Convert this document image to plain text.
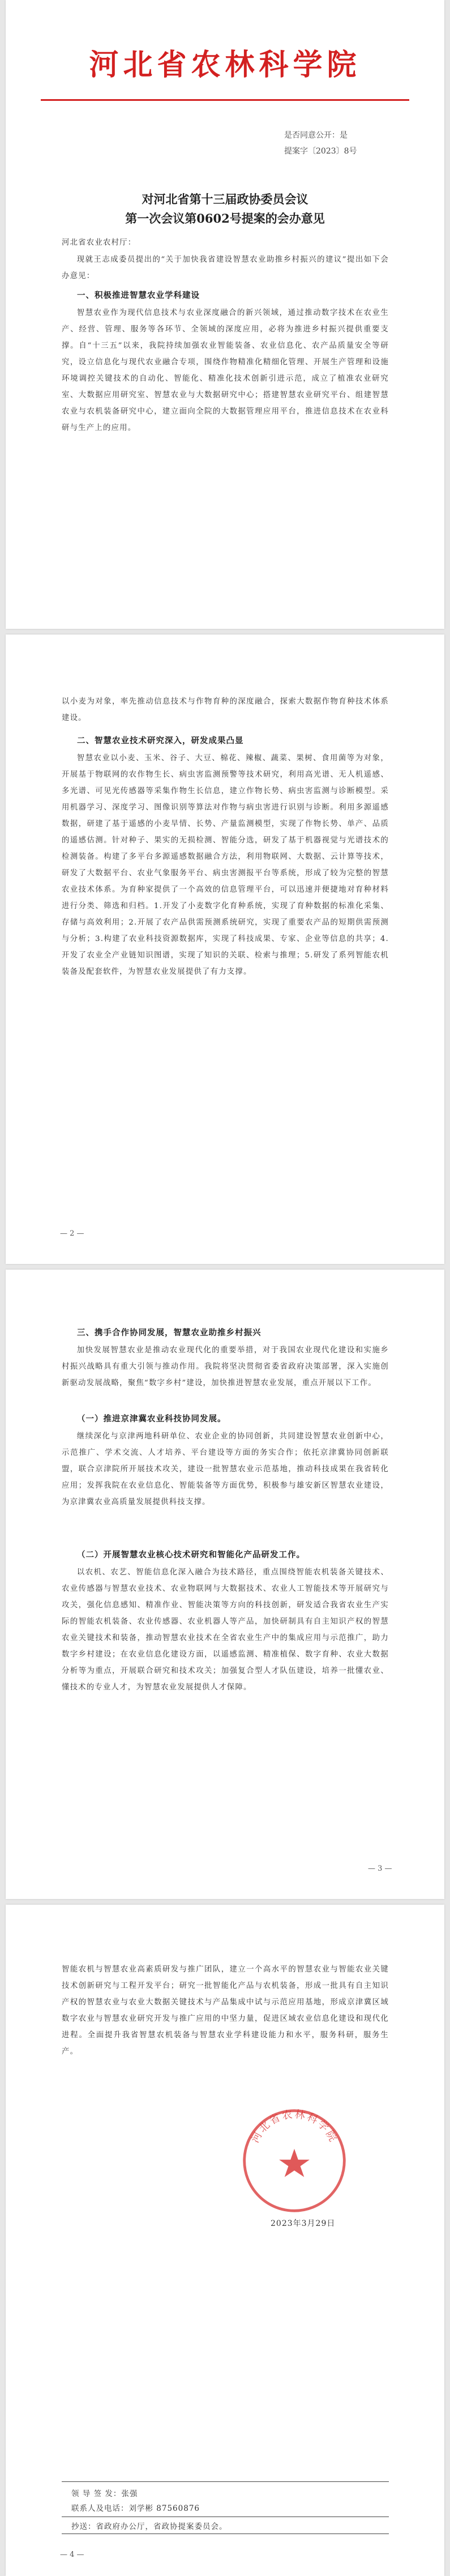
河北省农林科学院
是否同意公开：是
提案字〔2023〕8号
对河北省第十三届政协委员会议
第一次会议第0602号提案的会办意见
河北省农业农村厅：
现就王志成委员提出的“关于加快我省建设智慧农业助推乡村振兴的建议”提出如下会办意见：
一、积极推进智慧农业学科建设
智慧农业作为现代信息技术与农业深度融合的新兴领域，通过推动数字技术在农业生产、经营、管理、服务等各环节、全领域的深度应用，必将为推进乡村振兴提供重要支撑。自“十三五”以来，我院持续加强农业智能装备、农业信息化、农产品质量安全等研究，设立信息化与现代农业融合专项，围绕作物精准化精细化管理、开展生产管理和设施环境调控关键技术的自动化、智能化、精准化技术创新引进示范，成立了植准农业研究室、大数据应用研究室、智慧农业与大数据研究中心；搭建智慧农业研究平台、组建智慧农业与农机装备研究中心，建立面向全院的大数据管理应用平台，推进信息技术在农业科研与生产上的应用。
以小麦为对象，率先推动信息技术与作物育种的深度融合，探索大数据作物育种技术体系建设。
二、智慧农业技术研究深入，研发成果凸显
智慧农业以小麦、玉米、谷子、大豆、棉花、辣椒、蔬菜、果树、食用菌等为对象，开展基于物联网的农作物生长、病虫害监测预警等技术研究，利用高光谱、无人机遥感、多光谱、可见光传感器等采集作物生长信息，建立作物长势、病虫害监测与诊断模型。采用机器学习、深度学习、图像识别等算法对作物与病虫害进行识别与诊断。利用多源遥感数据，研建了基于遥感的小麦旱情、长势、产量监测模型，实现了作物长势、单产、品质的遥感估测。针对种子、果实的无损检测、智能分选，研发了基于机器视觉与光谱技术的检测装备。构建了多平台多源遥感数据融合方法，利用物联网、大数据、云计算等技术，研发了大数据平台、农业气象服务平台、病虫害测报平台等系统，形成了较为完整的智慧农业技术体系。为育种家提供了一个高效的信息管理平台，可以迅速并便捷地对育种材料进行分类、筛选和归档。1.开发了小麦数字化育种系统，实现了育种数据的标准化采集、存储与高效利用；2.开展了农产品供需预测系统研究，实现了重要农产品的短期供需预测与分析；3.构建了农业科技资源数据库，实现了科技成果、专家、企业等信息的共享；4.开发了农业全产业链知识图谱，实现了知识的关联、检索与推理；5.研发了系列智能农机装备及配套软件，为智慧农业发展提供了有力支撑。
— 2 —
三、携手合作协同发展，智慧农业助推乡村振兴
加快发展智慧农业是推动农业现代化的重要举措，对于我国农业现代化建设和实施乡村振兴战略具有重大引领与推动作用。我院将坚决贯彻省委省政府决策部署，深入实施创新驱动发展战略，聚焦“数字乡村”建设，加快推进智慧农业发展，重点开展以下工作。
（一）推进京津冀农业科技协同发展。
继续深化与京津两地科研单位、农业企业的协同创新，共同建设智慧农业创新中心，示范推广、学术交流、人才培养、平台建设等方面的务实合作；依托京津冀协同创新联盟，联合京津院所开展技术攻关，建设一批智慧农业示范基地，推动科技成果在我省转化应用；发挥我院在农业信息化、智能装备等方面优势，积极参与雄安新区智慧农业建设，为京津冀农业高质量发展提供科技支撑。
（二）开展智慧农业核心技术研究和智能化产品研发工作。
以农机、农艺、智能信息化深入融合为技术路径，重点围绕智能农机装备关键技术、农业传感器与智慧农业技术、农业物联网与大数据技术、农业人工智能技术等开展研究与攻关，强化信息感知、精准作业、智能决策等方向的科技创新，研发适合我省农业生产实际的智能农机装备、农业传感器、农业机器人等产品，加快研制具有自主知识产权的智慧农业关键技术和装备，推动智慧农业技术在全省农业生产中的集成应用与示范推广，助力数字乡村建设；在农业信息化建设方面，以遥感监测、精准植保、数字育种、农业大数据分析等为重点，开展联合研究和技术攻关；加强复合型人才队伍建设，培养一批懂农业、懂技术的专业人才，为智慧农业发展提供人才保障。
— 3 —
智能农机与智慧农业高素质研发与推广团队，建立一个高水平的智慧农业与智能农业关键技术创新研究与工程开发平台；研究一批智能化产品与农机装备，形成一批具有自主知识产权的智慧农业与农业大数据关键技术与产品集成中试与示范应用基地，形成京津冀区域数字农业与智慧农业研究开发与推广应用的中坚力量，促进区域农业信息化建设和现代化进程。全面提升我省智慧农机装备与智慧农业学科建设能力和水平，服务科研，服务生产。
河北省农林科学院
2023年3月29日
领 导 签 发：张强
联系人及电话：刘学彬 87560876
抄送：省政府办公厅，省政协提案委员会。
— 4 —
